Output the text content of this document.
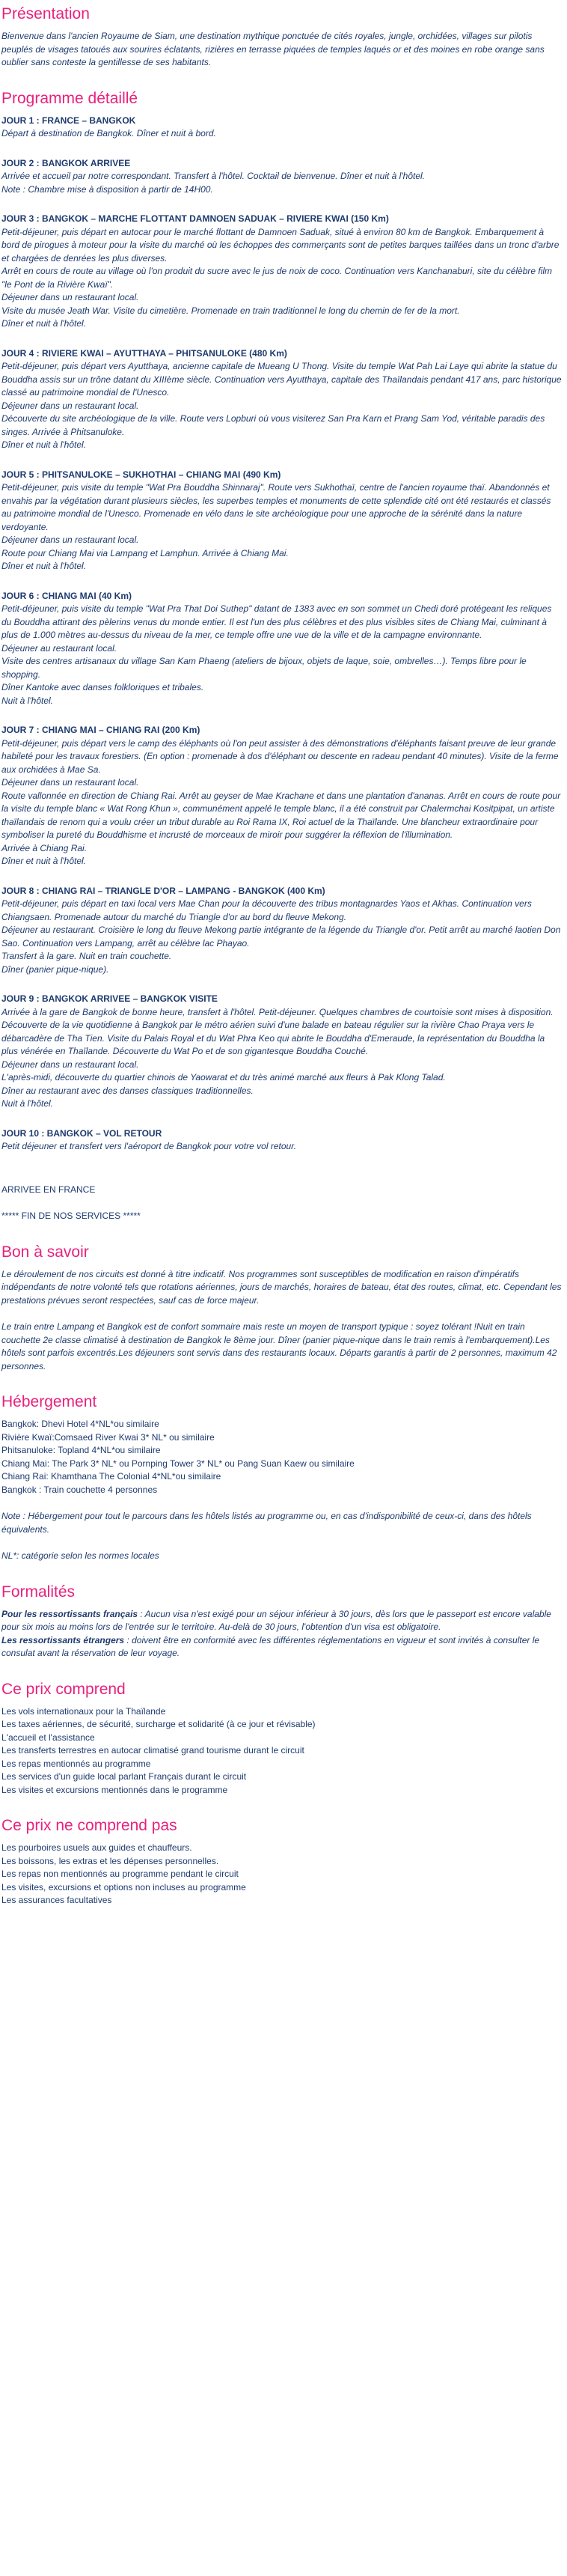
Présentation

Bienvenue dans l'ancien Royaume de Siam, une destination mythique ponctuée de cités royales, jungle, orchidées, villages sur pilotis peuplés de visages tatoués aux sourires éclatants, rizières en terrasse piquées de temples laqués or et des moines en robe orange sans oublier sans conteste la gentillesse de ses habitants.

Programme détaillé
JOUR 1 : FRANCE – BANGKOK
Départ à destination de Bangkok. Dîner et nuit à bord.
JOUR 2 : BANGKOK ARRIVEE
Arrivée et accueil par notre correspondant. Transfert à l'hôtel. Cocktail de bienvenue. Dîner et nuit à l'hôtel.
Note : Chambre mise à disposition à partir de 14H00.
JOUR 3 : BANGKOK – MARCHE FLOTTANT DAMNOEN SADUAK – RIVIERE KWAI (150 Km)
Petit-déjeuner, puis départ en autocar pour le marché flottant de Damnoen Saduak, situé à environ 80 km de Bangkok. Embarquement à bord de pirogues à moteur pour la visite du marché où les échoppes des commerçants sont de petites barques taillées dans un tronc d'arbre et chargées de denrées les plus diverses.
Arrêt en cours de route au village où l'on produit du sucre avec le jus de noix de coco. Continuation vers Kanchanaburi, site du célèbre film "le Pont de la Rivière Kwaï".
Déjeuner dans un restaurant local.
Visite du musée Jeath War. Visite du cimetière. Promenade en train traditionnel le long du chemin de fer de la mort.
Dîner et nuit à l'hôtel.
JOUR 4 : RIVIERE KWAI – AYUTTHAYA – PHITSANULOKE (480 Km)
Petit-déjeuner, puis départ vers Ayutthaya, ancienne capitale de Mueang U Thong. Visite du temple Wat Pah Lai Laye qui abrite la statue du Bouddha assis sur un trône datant du XIIIème siècle. Continuation vers Ayutthaya, capitale des Thaïlandais pendant 417 ans, parc historique classé au patrimoine mondial de l'Unesco.
Déjeuner dans un restaurant local.
Découverte du site archéologique de la ville. Route vers Lopburi où vous visiterez San Pra Karn et Prang Sam Yod, véritable paradis des singes. Arrivée à Phitsanuloke.
Dîner et nuit à l'hôtel.
JOUR 5 : PHITSANULOKE – SUKHOTHAI – CHIANG MAI (490 Km)
Petit-déjeuner, puis visite du temple "Wat Pra Bouddha Shinnaraj". Route vers Sukhothaï, centre de l'ancien royaume thaï. Abandonnés et envahis par la végétation durant plusieurs siècles, les superbes temples et monuments de cette splendide cité ont été restaurés et classés au patrimoine mondial de l'Unesco. Promenade en vélo dans le site archéologique pour une approche de la sérénité dans la nature verdoyante.
Déjeuner dans un restaurant local.
Route pour Chiang Mai via Lampang et Lamphun. Arrivée à Chiang Mai.
Dîner et nuit à l'hôtel.
JOUR 6 : CHIANG MAI (40 Km)
Petit-déjeuner, puis visite du temple "Wat Pra That Doi Suthep" datant de 1383 avec en son sommet un Chedi doré protégeant les reliques du Bouddha attirant des pèlerins venus du monde entier. Il est l'un des plus célèbres et des plus visibles sites de Chiang Mai, culminant à plus de 1.000 mètres au-dessus du niveau de la mer, ce temple offre une vue de la ville et de la campagne environnante.
Déjeuner au restaurant local.
Visite des centres artisanaux du village San Kam Phaeng (ateliers de bijoux, objets de laque, soie, ombrelles…). Temps libre pour le shopping.
Dîner Kantoke avec danses folkloriques et tribales.
Nuit à l'hôtel.
JOUR 7 : CHIANG MAI – CHIANG RAI (200 Km)
Petit-déjeuner, puis départ vers le camp des éléphants où l'on peut assister à des démonstrations d'éléphants faisant preuve de leur grande habileté pour les travaux forestiers. (En option : promenade à dos d'éléphant ou descente en radeau pendant 40 minutes). Visite de la ferme aux orchidées à Mae Sa.
Déjeuner dans un restaurant local.
Route vallonnée en direction de Chiang Rai. Arrêt au geyser de Mae Krachane et dans une plantation d'ananas. Arrêt en cours de route pour la visite du temple blanc « Wat Rong Khun », communément appelé le temple blanc, il a été construit par Chalermchai Kositpipat, un artiste thaïlandais de renom qui a voulu créer un tribut durable au Roi Rama IX, Roi actuel de la Thaïlande. Une blancheur extraordinaire pour symboliser la pureté du Bouddhisme et incrusté de morceaux de miroir pour suggérer la réflexion de l'illumination.
Arrivée à Chiang Rai.
Dîner et nuit à l'hôtel.
JOUR 8 : CHIANG RAI – TRIANGLE D'OR – LAMPANG - BANGKOK (400 Km)
Petit-déjeuner, puis départ en taxi local vers Mae Chan pour la découverte des tribus montagnardes Yaos et Akhas. Continuation vers Chiangsaen. Promenade autour du marché du Triangle d'or au bord du fleuve Mekong.
Déjeuner au restaurant. Croisière le long du fleuve Mekong partie intégrante de la légende du Triangle d'or. Petit arrêt au marché laotien Don Sao. Continuation vers Lampang, arrêt au célèbre lac Phayao.
Transfert à la gare. Nuit en train couchette.
Dîner (panier pique-nique).
JOUR 9 : BANGKOK ARRIVEE – BANGKOK VISITE
Arrivée à la gare de Bangkok de bonne heure, transfert à l'hôtel. Petit-déjeuner. Quelques chambres de courtoisie sont mises à disposition.
Découverte de la vie quotidienne à Bangkok par le métro aérien suivi d'une balade en bateau régulier sur la rivière Chao Praya vers le débarcadère de Tha Tien. Visite du Palais Royal et du Wat Phra Keo qui abrite le Bouddha d'Emeraude, la représentation du Bouddha la plus vénérée en Thaïlande. Découverte du Wat Po et de son gigantesque Bouddha Couché.
Déjeuner dans un restaurant local.
L'après-midi, découverte du quartier chinois de Yaowarat et du très animé marché aux fleurs à Pak Klong Talad.
Dîner au restaurant avec des danses classiques traditionnelles.
Nuit à l'hôtel.
JOUR 10 : BANGKOK – VOL RETOUR
Petit déjeuner et transfert vers l'aéroport de Bangkok pour votre vol retour.
ARRIVEE EN FRANCE
***** FIN DE NOS SERVICES *****
Bon à savoir

Le déroulement de nos circuits est donné à titre indicatif. Nos programmes sont susceptibles de modification en raison d'impératifs indépendants de notre volonté tels que rotations aériennes, jours de marchés, horaires de bateau, état des routes, climat, etc. Cependant les prestations prévues seront respectées, sauf cas de force majeur.

Le train entre Lampang et Bangkok est de confort sommaire mais reste un moyen de transport typique : soyez tolérant !Nuit en train couchette 2e classe climatisé à destination de Bangkok le 8ème jour. Dîner (panier pique-nique dans le train remis à l'embarquement).Les hôtels sont parfois excentrés.Les déjeuners sont servis dans des restaurants locaux. Départs garantis à partir de 2 personnes, maximum 42 personnes.

Hébergement
Bangkok: Dhevi Hotel 4*NL*ou similaire
Rivière Kwaï:Comsaed River Kwai 3* NL* ou similaire
Phitsanuloke: Topland 4*NL*ou similaire
Chiang Mai: The Park 3* NL* ou Pornping Tower 3* NL* ou Pang Suan Kaew ou similaire
Chiang Rai: Khamthana The Colonial 4*NL*ou similaire
Bangkok : Train couchette 4 personnes

Note : Hébergement pour tout le parcours dans les hôtels listés au programme ou, en cas d'indisponibilité de ceux-ci, dans des hôtels équivalents.

NL*: catégorie selon les normes locales

Formalités

Pour les ressortissants français : Aucun visa n'est exigé pour un séjour inférieur à 30 jours, dès lors que le passeport est encore valable pour six mois au moins lors de l'entrée sur le territoire. Au-delà de 30 jours, l'obtention d'un visa est obligatoire.

Les ressortissants étrangers : doivent être en conformité avec les différentes réglementations en vigueur et sont invités à consulter le consulat avant la réservation de leur voyage.

Ce prix comprend
Les vols internationaux pour la Thaïlande
Les taxes aériennes, de sécurité, surcharge et solidarité (à ce jour et révisable)
L'accueil et l'assistance
Les transferts terrestres en autocar climatisé grand tourisme durant le circuit
Les repas mentionnés au programme
Les services d'un guide local parlant Français durant le circuit
Les visites et excursions mentionnés dans le programme
Ce prix ne comprend pas
Les pourboires usuels aux guides et chauffeurs.
Les boissons, les extras et les dépenses personnelles.
Les repas non mentionnés au programme pendant le circuit
Les visites, excursions et options non incluses au programme
Les assurances facultatives
